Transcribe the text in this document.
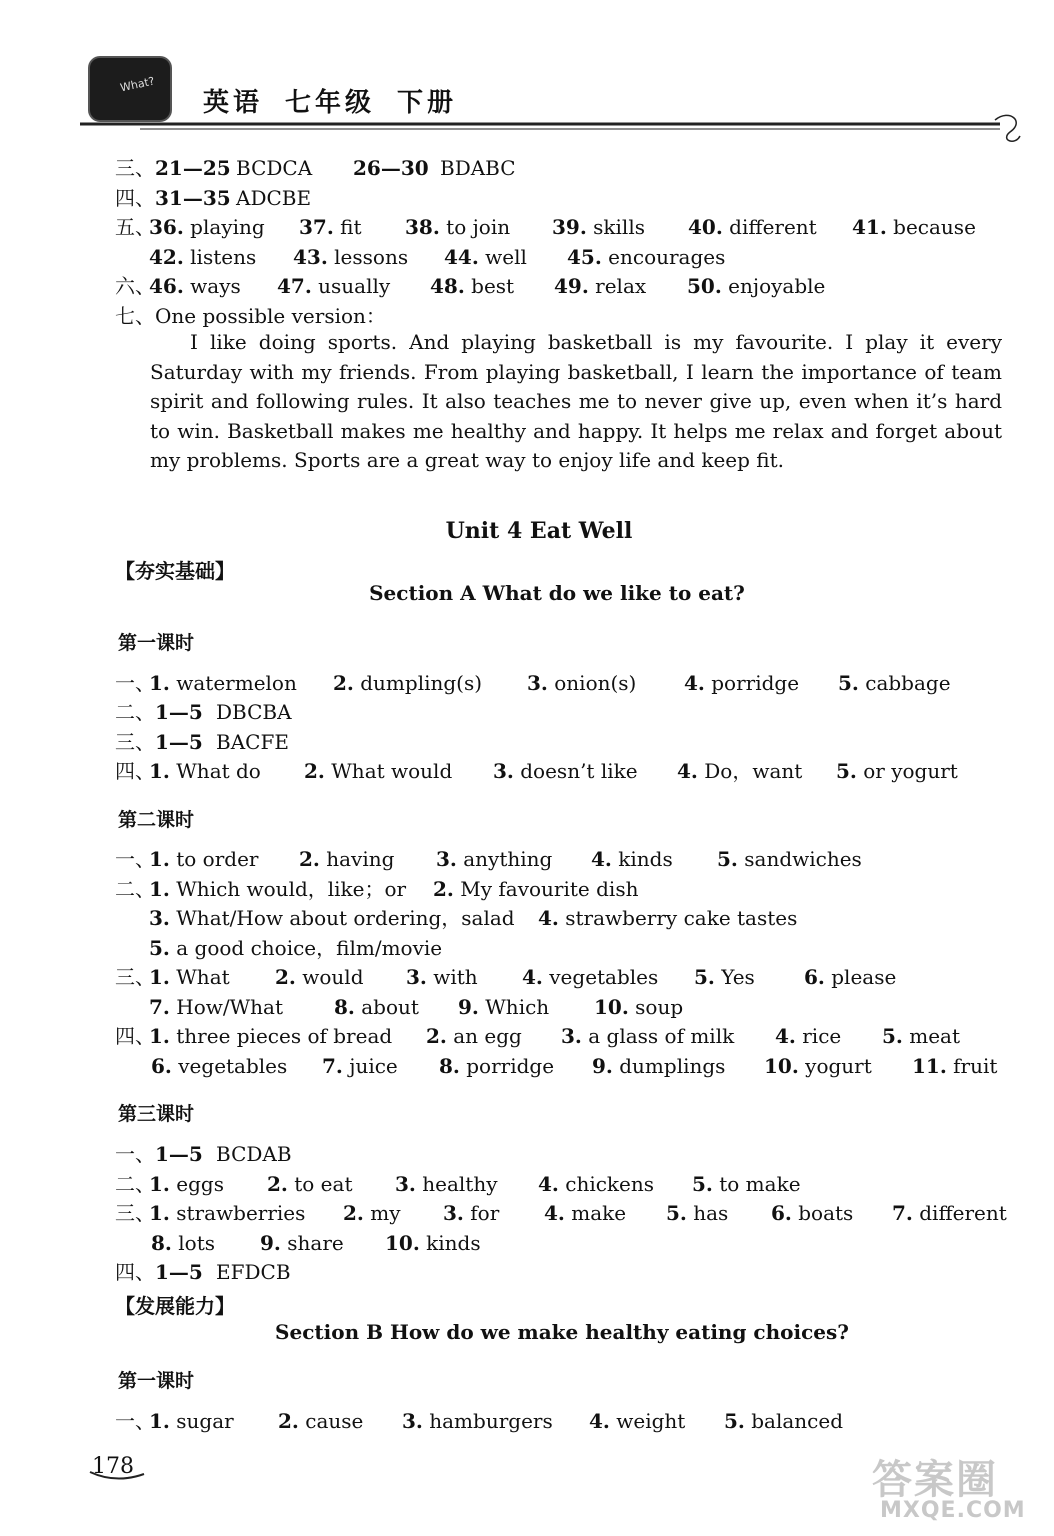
What?
英语 七年级 下册
三、21—25 BCDCA 26—30 BDABC
四、31—35 ADCBE
五、
36. playing 37. fit 38. to join 39. skills 40. different 41. because
42. listens 43. lessons 44. well 45. encourages
六、
46. ways 47. usually 48. best 49. relax 50. enjoyable
七、One possible version：
I like doing sports. And playing basketball is my favourite. I play it every Saturday with my friends. From playing basketball, I learn the importance of team spirit and following rules. It also teaches me to never give up, even when it’s hard to win. Basketball makes me healthy and happy. It helps me relax and forget about my problems. Sports are a great way to enjoy life and keep fit.
Unit 4 Eat Well
【夯实基础】
Section A What do we like to eat?
第一课时
一、
1. watermelon 2. dumpling(s) 3. onion(s) 4. porridge 5. cabbage
二、1—5 DBCBA
三、1—5 BACFE
四、
1. What do 2. What would 3. doesn’t like 4. Do，want 5. or yogurt
第二课时
一、
1. to order 2. having 3. anything 4. kinds 5. sandwiches
二、
1. Which would，like；or 2. My favourite dish
3. What/How about ordering，salad 4. strawberry cake tastes
5. a good choice，film/movie
三、
1. What 2. would 3. with 4. vegetables 5. Yes 6. please
7. How/What	8. about 9. Which 10. soup
四、
1. three pieces of bread 2. an egg 3. a glass of milk 4. rice 5. meat
6. vegetables 7. juice 8. porridge 9. dumplings 10. yogurt 11. fruit
第三课时
一、1—5 BCDAB
二、
1. eggs 2. to eat 3. healthy 4. chickens 5. to make
三、
1. strawberries 2. my 3. for 4. make 5. has 6. boats 7. different
8. lots 9. share 10. kinds
四、1—5 EFDCB
【发展能力】
Section B How do we make healthy eating choices?
第一课时
一、
1. sugar 2. cause 3. hamburgers 4. weight 5. balanced
178	答案圈
MXQE.COM
